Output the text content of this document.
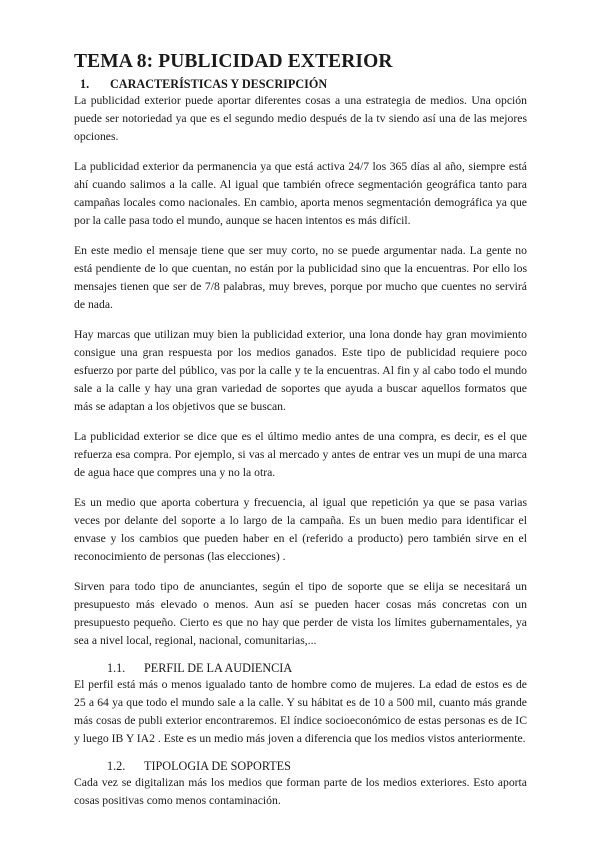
TEMA 8: PUBLICIDAD EXTERIOR
1.	CARACTERÍSTICAS Y DESCRIPCIÓN

La publicidad exterior puede aportar diferentes cosas a una estrategia de medios. Una opción puede ser notoriedad ya que es el segundo medio después de la tv siendo así una de las mejores opciones.

La publicidad exterior da permanencia ya que está activa 24/7 los 365 días al año, siempre está ahí cuando salimos a la calle. Al igual que también ofrece segmentación geográfica tanto para campañas locales como nacionales. En cambio, aporta menos segmentación demográfica ya que por la calle pasa todo el mundo, aunque se hacen intentos es más difícil.

En este medio el mensaje tiene que ser muy corto, no se puede argumentar nada. La gente no está pendiente de lo que cuentan, no están por la publicidad sino que la encuentras. Por ello los mensajes tienen que ser de 7/8 palabras, muy breves, porque por mucho que cuentes no servirá de nada.

Hay marcas que utilizan muy bien la publicidad exterior, una lona donde hay gran movimiento consigue una gran respuesta por los medios ganados. Este tipo de publicidad requiere poco esfuerzo por parte del público, vas por la calle y te la encuentras. Al fin y al cabo todo el mundo sale a la calle y hay una gran variedad de soportes que ayuda a buscar aquellos formatos que más se adaptan a los objetivos que se buscan.

La publicidad exterior se dice que es el último medio antes de una compra, es decir, es el que refuerza esa compra. Por ejemplo, si vas al mercado y antes de entrar ves un mupi de una marca de agua hace que compres una y no la otra.

Es un medio que aporta cobertura y frecuencia, al igual que repetición ya que se pasa varias veces por delante del soporte a lo largo de la campaña. Es un buen medio para identificar el envase y los cambios que pueden haber en el (referido a producto) pero también sirve en el reconocimiento de personas (las elecciones) .

Sirven para todo tipo de anunciantes, según el tipo de soporte que se elija se necesitará un presupuesto más elevado o menos. Aun así se pueden hacer cosas más concretas con un presupuesto pequeño. Cierto es que no hay que perder de vista los límites gubernamentales, ya sea a nivel local, regional, nacional, comunitarias,...

1.1.	PERFIL DE LA AUDIENCIA

El perfil está más o menos igualado tanto de hombre como de mujeres. La edad de estos es de 25 a 64 ya que todo el mundo sale a la calle. Y su hábitat es de 10 a 500 mil, cuanto más grande más cosas de publi exterior encontraremos. El índice socioeconómico de estas personas es de IC y luego IB Y IA2 . Este es un medio más joven a diferencia que los medios vistos anteriormente.

1.2.	TIPOLOGIA DE SOPORTES

Cada vez se digitalizan más los medios que forman parte de los medios exteriores. Esto aporta cosas positivas como menos contaminación.
